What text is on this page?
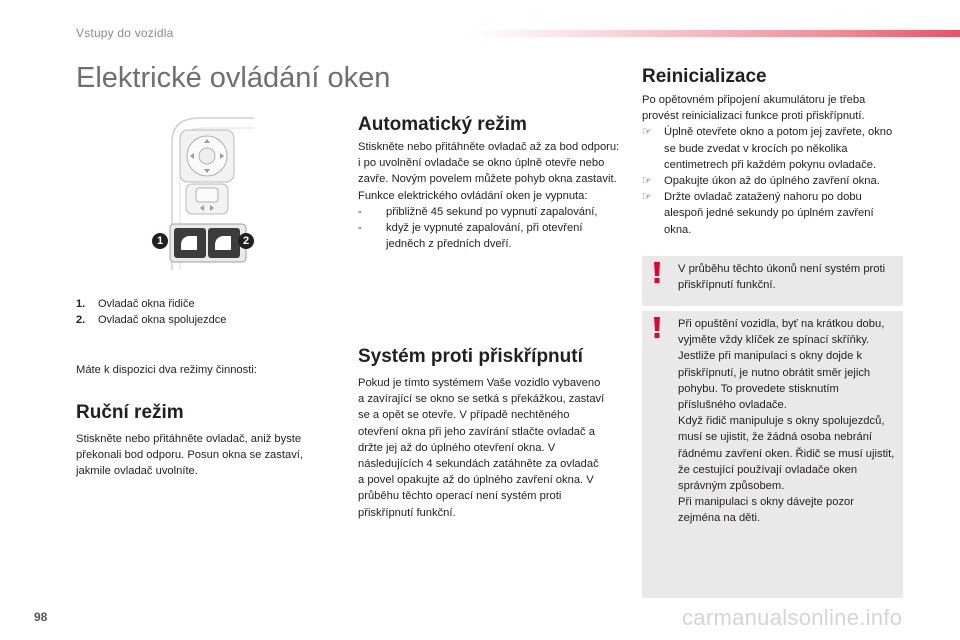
Vstupy do vozidla
Elektrické ovládání oken
1	2
1.	Ovladač okna řidiče
2.	Ovladač okna spolujezdce
Máte k dispozici dva režimy činnosti:
Ruční režim
Stiskněte nebo přitáhněte ovladač, aniž byste překonali bod odporu. Posun okna se zastaví, jakmile ovladač uvolníte.
Automatický režim

Stiskněte nebo přitáhněte ovladač až za bod odporu: i po uvolnění ovladače se okno úplně otevře nebo zavře. Novým povelem můžete pohyb okna zastavit.

Funkce elektrického ovládání oken je vypnuta:

- přibližně 45 sekund po vypnutí zapalování,
- když je vypnuté zapalování, při otevření jedněch z předních dveří.
Systém proti přiskřípnutí
Pokud je tímto systémem Vaše vozidlo vybaveno a zavírající se okno se setká s překážkou, zastaví se a opět se otevře. V případě nechtěného otevření okna při jeho zavírání stlačte ovladač a držte jej až do úplného otevření okna. V následujících 4 sekundách zatáhněte za ovladač a povel opakujte až do úplného zavření okna. V průběhu těchto operací není systém proti přiskřípnutí funkční.
Reinicializace

Po opětovném připojení akumulátoru je třeba provést reinicializaci funkce proti přiskřípnutí.

☞ Úplně otevřete okno a potom jej zavřete, okno se bude zvedat v krocích po několika centimetrech při každém pokynu ovladače.
☞ Opakujte úkon až do úplného zavření okna.
☞ Držte ovladač zatažený nahoru po dobu alespoň jedné sekundy po úplném zavření okna.
V průběhu těchto úkonů není systém proti přiskřípnutí funkční.

Při opuštění vozidla, byť na krátkou dobu, vyjměte vždy klíček ze spínací skříňky.

Jestliže při manipulaci s okny dojde k přiskřípnutí, je nutno obrátit směr jejich pohybu. To provedete stisknutím příslušného ovladače.

Když řidič manipuluje s okny spolujezdců, musí se ujistit, že žádná osoba nebrání řádnému zavření oken. Řidič se musí ujistit, že cestující používají ovladače oken správným způsobem.

Při manipulaci s okny dávejte pozor zejména na děti.

98	carmanualsonline.info
